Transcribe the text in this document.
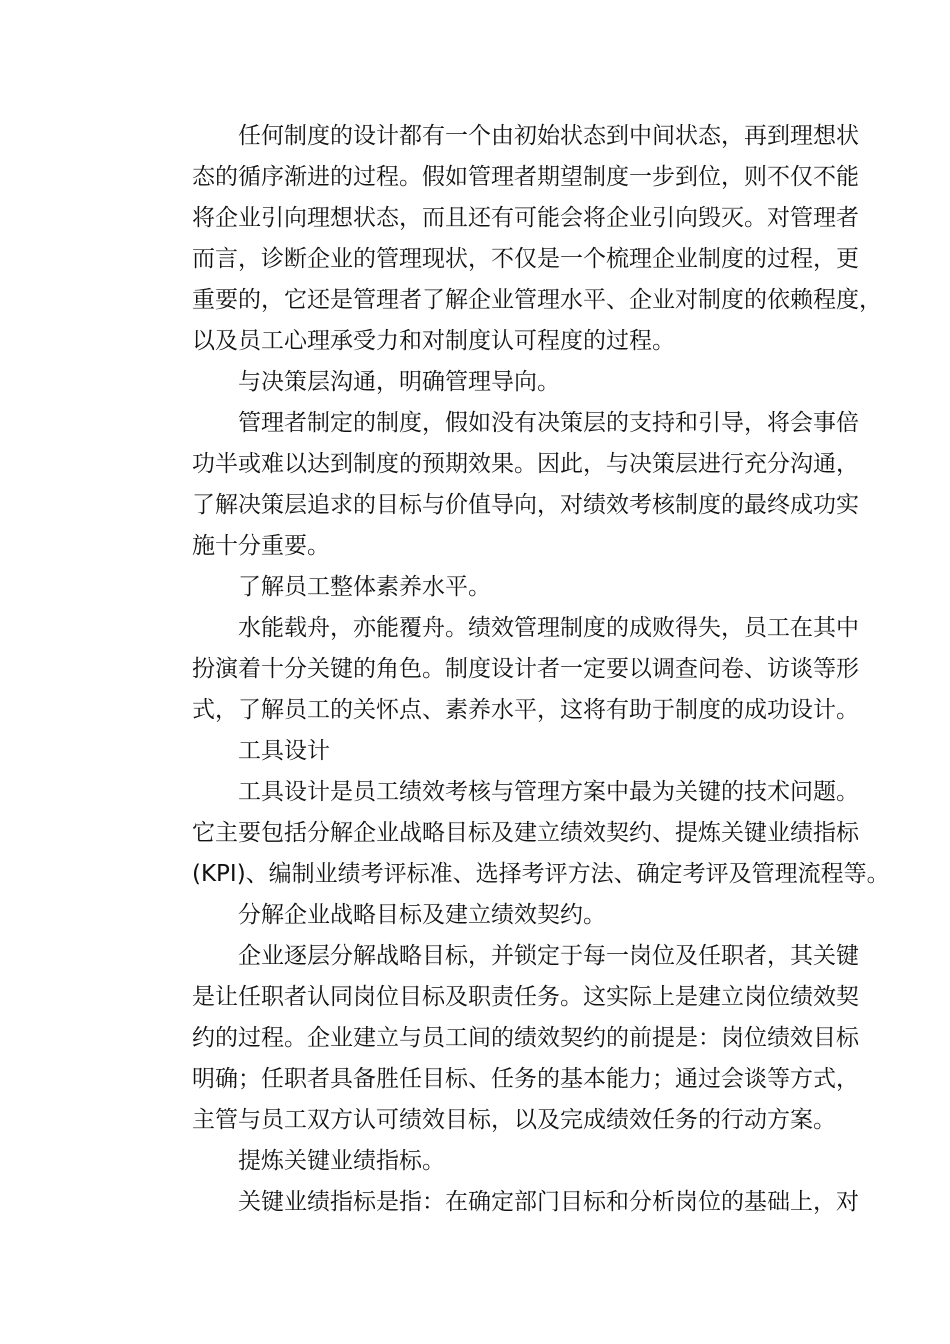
任何制度的设计都有一个由初始状态到中间状态，再到理想状
态的循序渐进的过程。假如管理者期望制度一步到位，则不仅不能
将企业引向理想状态，而且还有可能会将企业引向毁灭。对管理者
而言，诊断企业的管理现状，不仅是一个梳理企业制度的过程，更
重要的，它还是管理者了解企业管理水平、企业对制度的依赖程度，
以及员工心理承受力和对制度认可程度的过程。
与决策层沟通，明确管理导向。
管理者制定的制度，假如没有决策层的支持和引导，将会事倍
功半或难以达到制度的预期效果。因此，与决策层进行充分沟通，
了解决策层追求的目标与价值导向，对绩效考核制度的最终成功实
施十分重要。
了解员工整体素养水平。
水能载舟，亦能覆舟。绩效管理制度的成败得失，员工在其中
扮演着十分关键的角色。制度设计者一定要以调查问卷、访谈等形
式，了解员工的关怀点、素养水平，这将有助于制度的成功设计。
工具设计
工具设计是员工绩效考核与管理方案中最为关键的技术问题。
它主要包括分解企业战略目标及建立绩效契约、提炼关键业绩指标
(KPI)、编制业绩考评标准、选择考评方法、确定考评及管理流程等。
分解企业战略目标及建立绩效契约。
企业逐层分解战略目标，并锁定于每一岗位及任职者，其关键
是让任职者认同岗位目标及职责任务。这实际上是建立岗位绩效契
约的过程。企业建立与员工间的绩效契约的前提是：岗位绩效目标
明确；任职者具备胜任目标、任务的基本能力；通过会谈等方式，
主管与员工双方认可绩效目标，以及完成绩效任务的行动方案。
提炼关键业绩指标。
关键业绩指标是指：在确定部门目标和分析岗位的基础上，对
